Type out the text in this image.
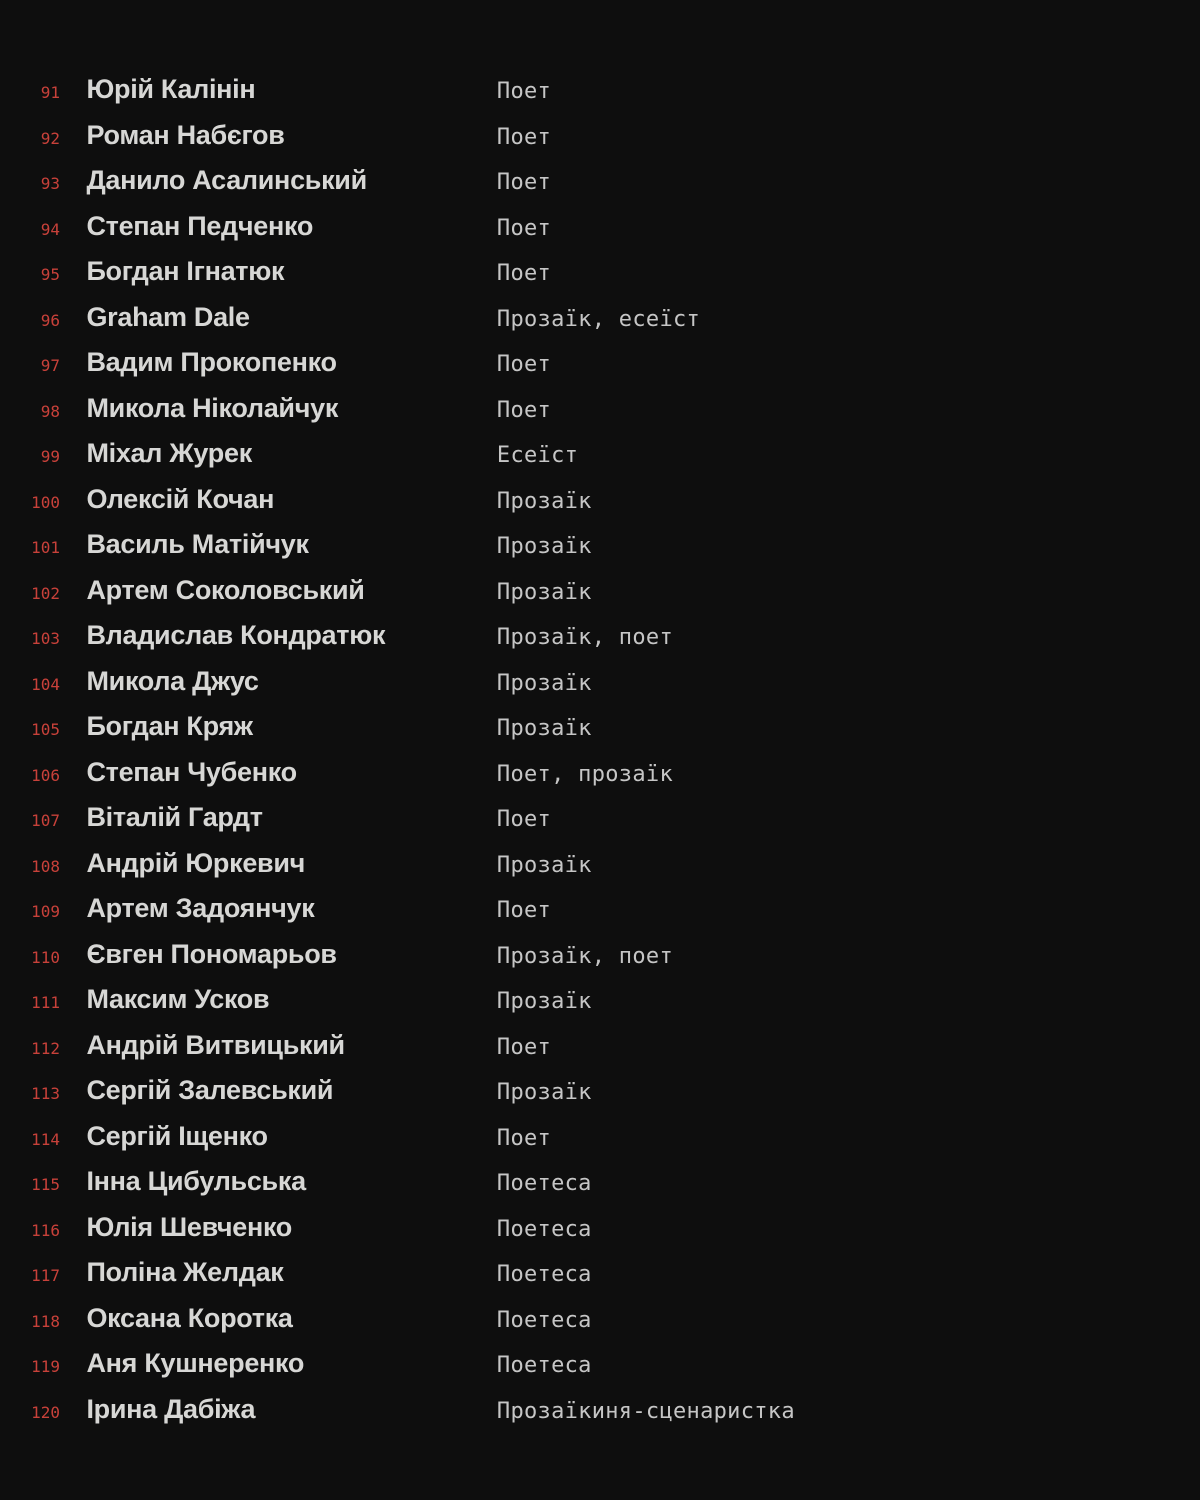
91 Юрій Калінін	Поет
92 Роман Набєгов	Поет
93 Данило Асалинський	Поет
94 Степан Педченко	Поет
95 Богдан Ігнатюк	Поет
96 Graham Dale	Прозаїк, есеїст
97 Вадим Прокопенко	Поет
98 Микола Ніколайчук	Поет
99 Міхал Журек	Есеїст
100 Олексій Кочан	Прозаїк
101 Василь Матійчук	Прозаїк
102 Артем Соколовський	Прозаїк
103 Владислав Кондратюк	Прозаїк, поет
104 Микола Джус	Прозаїк
105 Богдан Кряж	Прозаїк
106 Степан Чубенко	Поет, прозаїк
107 Віталій Гардт	Поет
108 Андрій Юркевич	Прозаїк
109 Артем Задоянчук	Поет
110 Євген Пономарьов	Прозаїк, поет
111 Максим Усков	Прозаїк
112 Андрій Витвицький	Поет
113 Сергій Залевський	Прозаїк
114 Сергій Іщенко	Поет
115 Інна Цибульська	Поетеса
116 Юлія Шевченко	Поетеса
117 Поліна Желдак	Поетеса
118 Оксана Коротка	Поетеса
119 Аня Кушнеренко	Поетеса
120 Ірина Дабіжа	Прозаїкиня-сценаристка
